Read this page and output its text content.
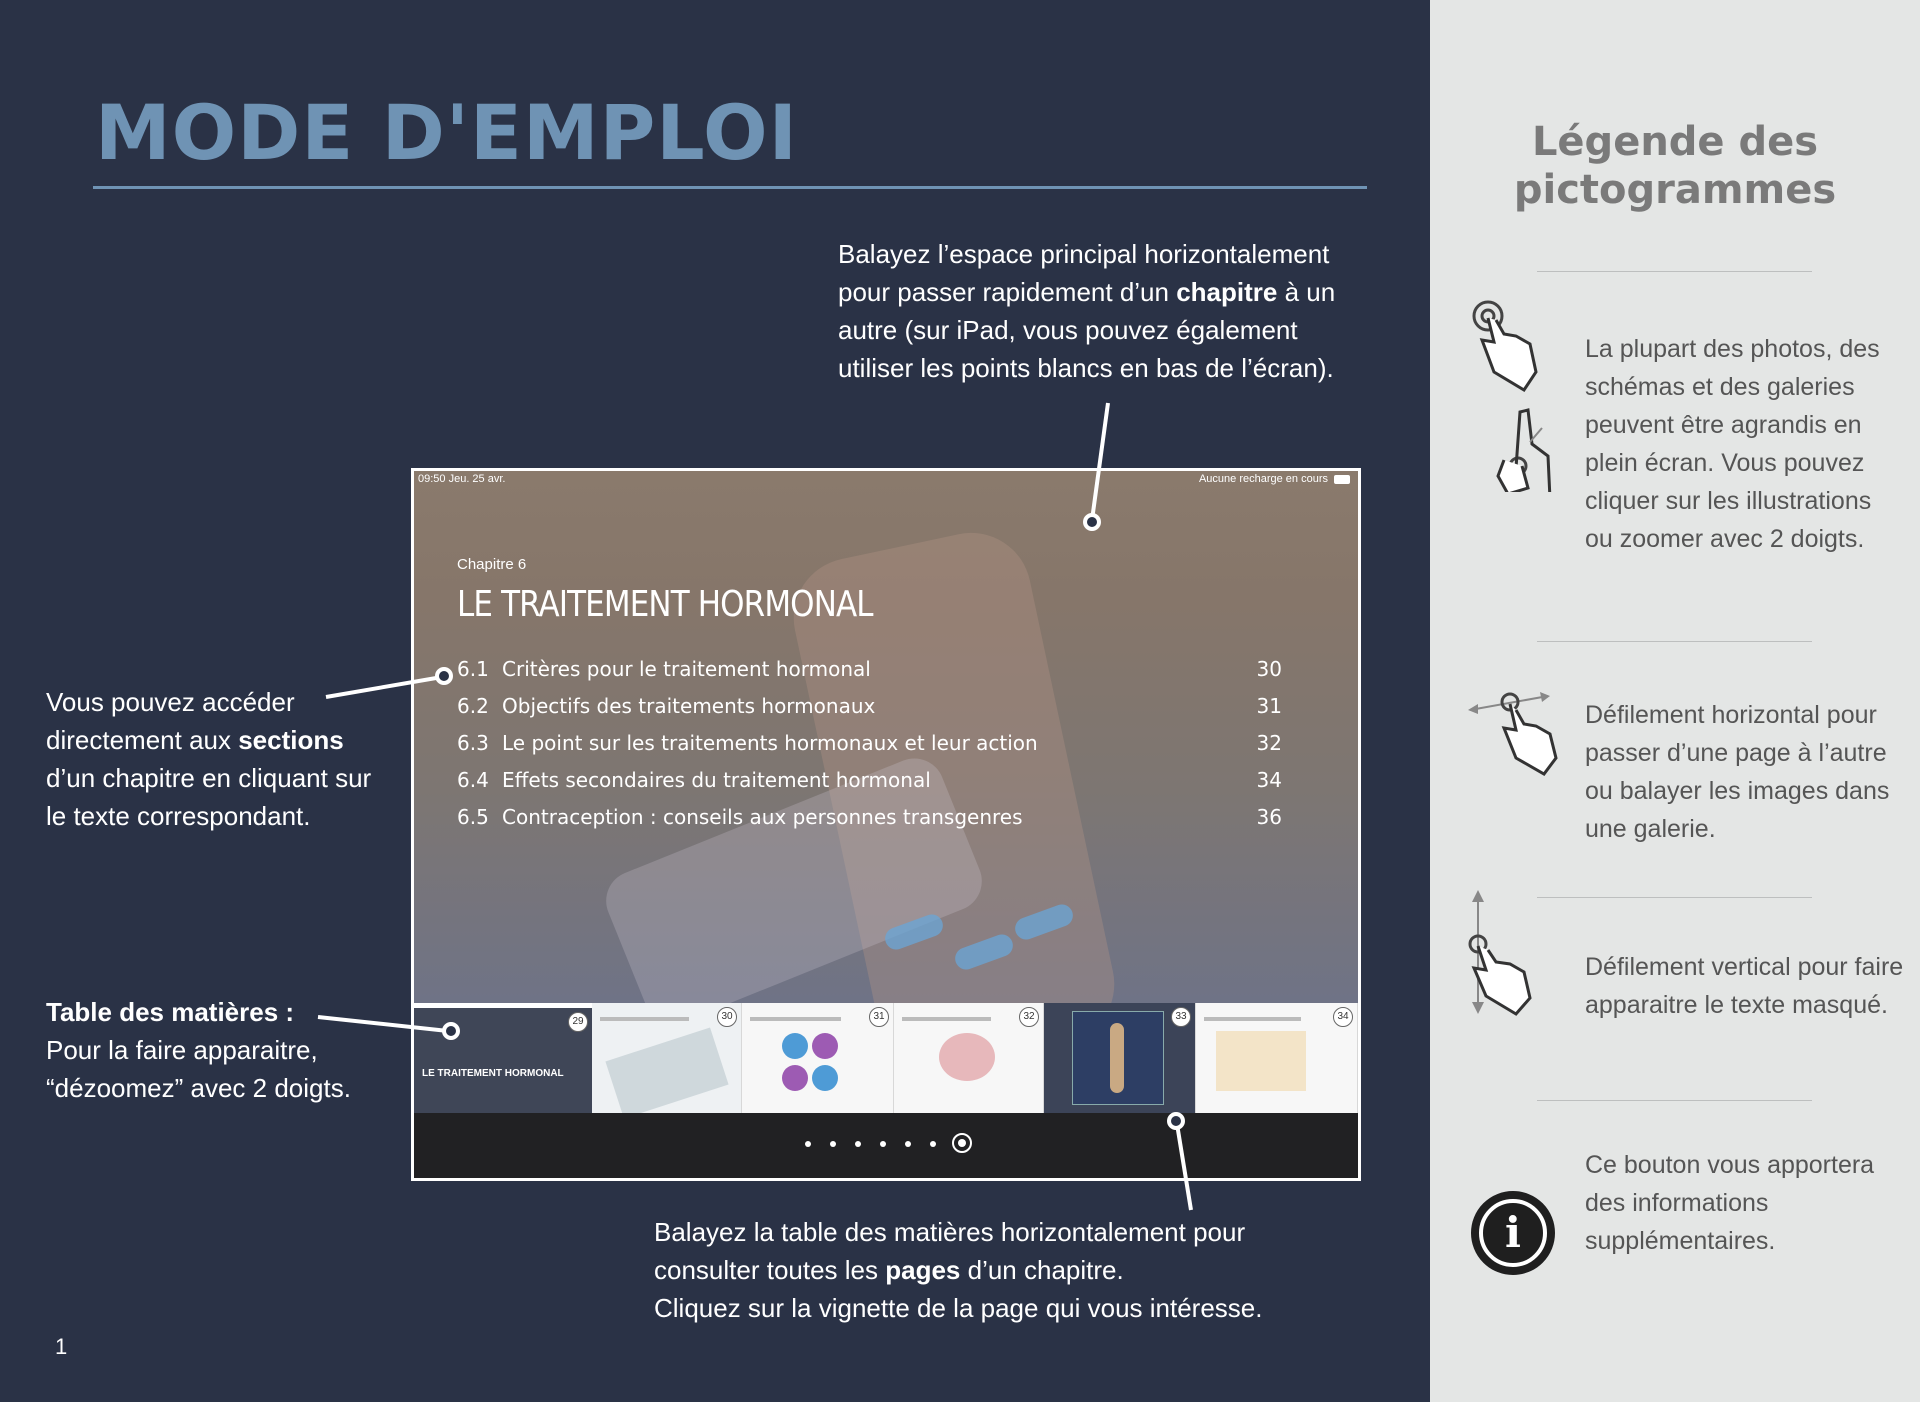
MODE D'EMPLOI
Balayez l’espace principal horizontalement pour passer rapidement d’un chapitre à un autre (sur iPad, vous pouvez également utiliser les points blancs en bas de l’écran).
Vous pouvez accéder directement aux sections d’un chapitre en cliquant sur le texte correspondant.
Table des matières : Pour la faire apparaitre, “dézoomez” avec 2 doigts.
Balayez la table des matières horizontalement pour consulter toutes les pages d’un chapitre.
Cliquez sur la vignette de la page qui vous intéresse.
09:50 Jeu. 25 avr.	Aucune recharge en cours
Chapitre 6
LE TRAITEMENT HORMONAL
6.1 Critères pour le traitement hormonal	30
6.2 Objectifs des traitements hormonaux	31
6.3 Le point sur les traitements hormonaux et leur action	32
6.4 Effets secondaires du traitement hormonal	34
6.5 Contraception : conseils aux personnes transgenres	36
30	31	32	33	34
LE TRAITEMENT HORMONAL
29
1
Légende des pictogrammes
La plupart des photos, des schémas et des galeries peuvent être agrandis en plein écran. Vous pouvez cliquer sur les illustrations ou zoomer avec 2 doigts.
Défilement horizontal pour passer d’une page à l’autre ou balayer les images dans une galerie.
Défilement vertical pour faire apparaitre le texte masqué.
i
Ce bouton vous apportera des informations supplémentaires.
